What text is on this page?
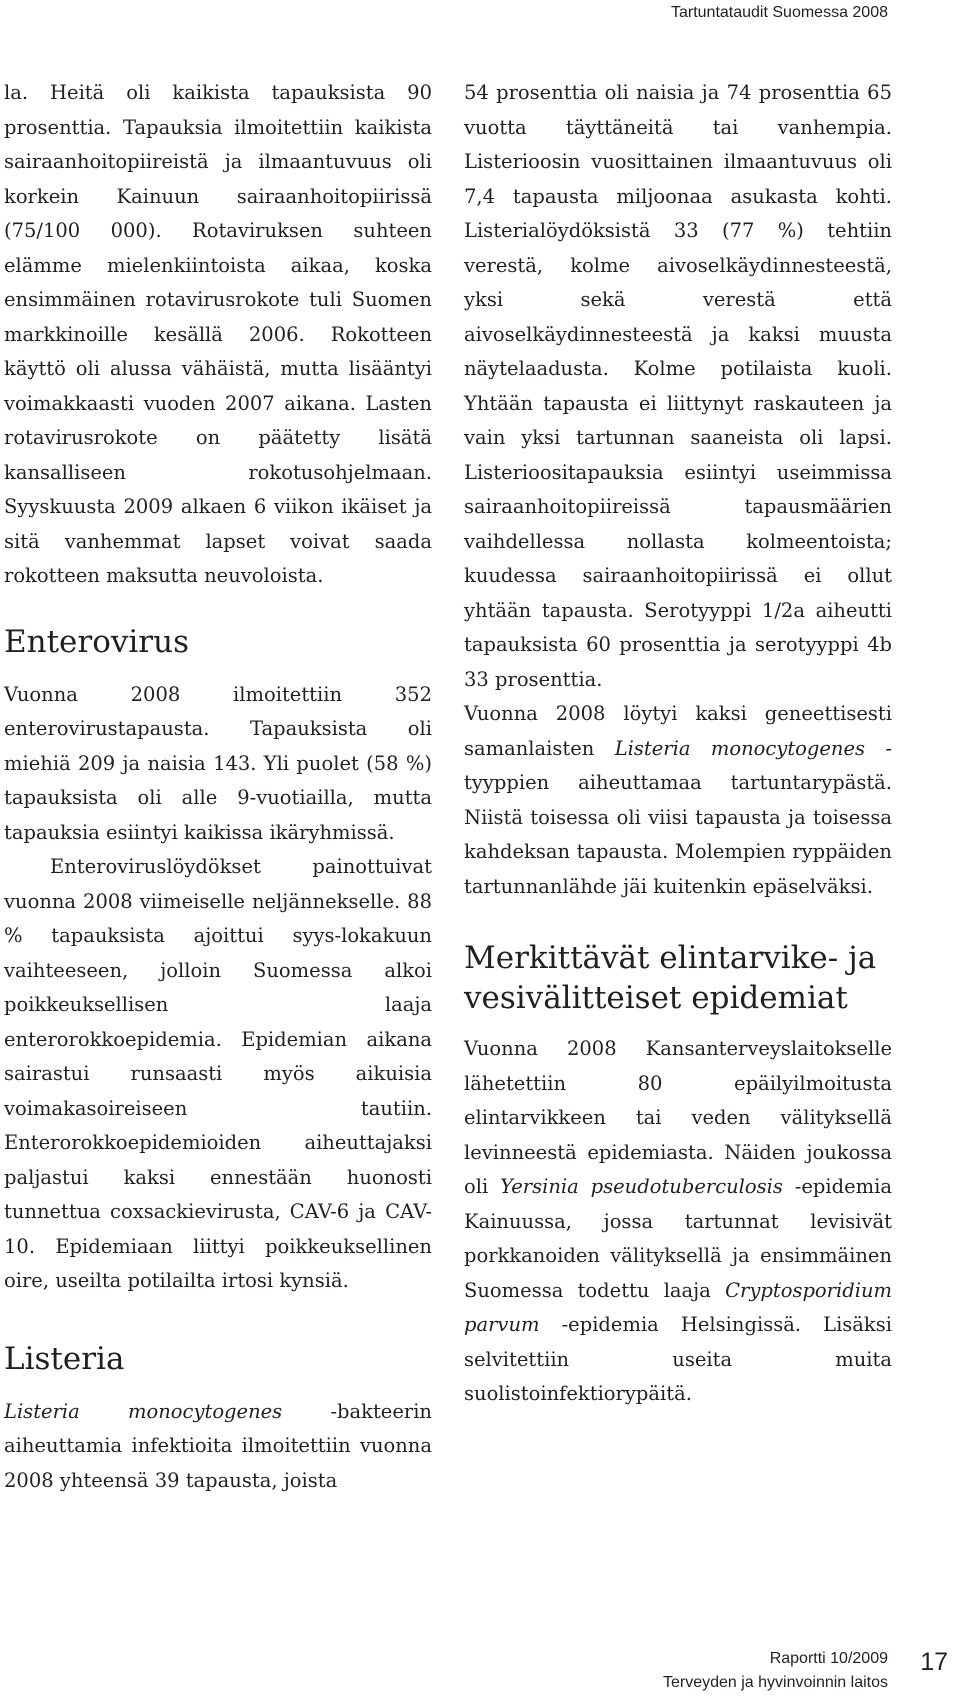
Tartuntataudit Suomessa 2008

la. Heitä oli kaikista tapauksista 90 prosenttia. Tapauksia ilmoitettiin kaikista sairaanhoitopiireistä ja ilmaantuvuus oli korkein Kainuun sairaanhoitopiirissä (75/100 000). Rotaviruksen suhteen elämme mielenkiintoista aikaa, koska ensimmäinen rotavirusrokote tuli Suomen markkinoille kesällä 2006. Rokotteen käyttö oli alussa vähäistä, mutta lisääntyi voimakkaasti vuoden 2007 aikana. Lasten rotavirusrokote on päätetty lisätä kansalliseen rokotusohjelmaan. Syyskuusta 2009 alkaen 6 viikon ikäiset ja sitä vanhemmat lapset voivat saada rokotteen maksutta neuvoloista.

Enterovirus

Vuonna 2008 ilmoitettiin 352 enterovirustapausta. Tapauksista oli miehiä 209 ja naisia 143. Yli puolet (58 %) tapauksista oli alle 9-vuotiailla, mutta tapauksia esiintyi kaikissa ikäryhmissä.

Enteroviruslöydökset painottuivat vuonna 2008 viimeiselle neljännekselle. 88 % tapauksista ajoittui syys-lokakuun vaihteeseen, jolloin Suomessa alkoi poikkeuksellisen laaja enterorokkoepidemia. Epidemian aikana sairastui runsaasti myös aikuisia voimakasoireiseen tautiin. Enterorokkoepidemioiden aiheuttajaksi paljastui kaksi ennestään huonosti tunnettua coxsackievirusta, CAV-6 ja CAV-10. Epidemiaan liittyi poikkeuksellinen oire, useilta potilailta irtosi kynsiä.

Listeria

Listeria monocytogenes -bakteerin aiheuttamia infektioita ilmoitettiin vuonna 2008 yhteensä 39 tapausta, joista

54 prosenttia oli naisia ja 74 prosenttia 65 vuotta täyttäneitä tai vanhempia. Listerioosin vuosittainen ilmaantuvuus oli 7,4 tapausta miljoonaa asukasta kohti. Listerialöydöksistä 33 (77 %) tehtiin verestä, kolme aivoselkäydinnesteestä, yksi sekä verestä että aivoselkäydinnesteestä ja kaksi muusta näytelaadusta. Kolme potilaista kuoli. Yhtään tapausta ei liittynyt raskauteen ja vain yksi tartunnan saaneista oli lapsi. Listerioositapauksia esiintyi useimmissa sairaanhoitopiireissä tapausmäärien vaihdellessa nollasta kolmeentoista; kuudessa sairaanhoitopiirissä ei ollut yhtään tapausta. Serotyyppi 1/2a aiheutti tapauksista 60 prosenttia ja serotyyppi 4b 33 prosenttia.

Vuonna 2008 löytyi kaksi geneettisesti samanlaisten Listeria monocytogenes -tyyppien aiheuttamaa tartuntarypästä. Niistä toisessa oli viisi tapausta ja toisessa kahdeksan tapausta. Molempien ryppäiden tartunnanlähde jäi kuitenkin epäselväksi.

Merkittävät elintarvike- ja vesivälitteiset epidemiat

Vuonna 2008 Kansanterveyslaitokselle lähetettiin 80 epäilyilmoitusta elintarvikkeen tai veden välityksellä levinneestä epidemiasta. Näiden joukossa oli Yersinia pseudotuberculosis -epidemia Kainuussa, jossa tartunnat levisivät porkkanoiden välityksellä ja ensimmäinen Suomessa todettu laaja Cryptosporidium parvum -epidemia Helsingissä. Lisäksi selvitettiin useita muita suolistoinfektiorypäitä.

Raportti 10/2009
Terveyden ja hyvinvoinnin laitos
17
